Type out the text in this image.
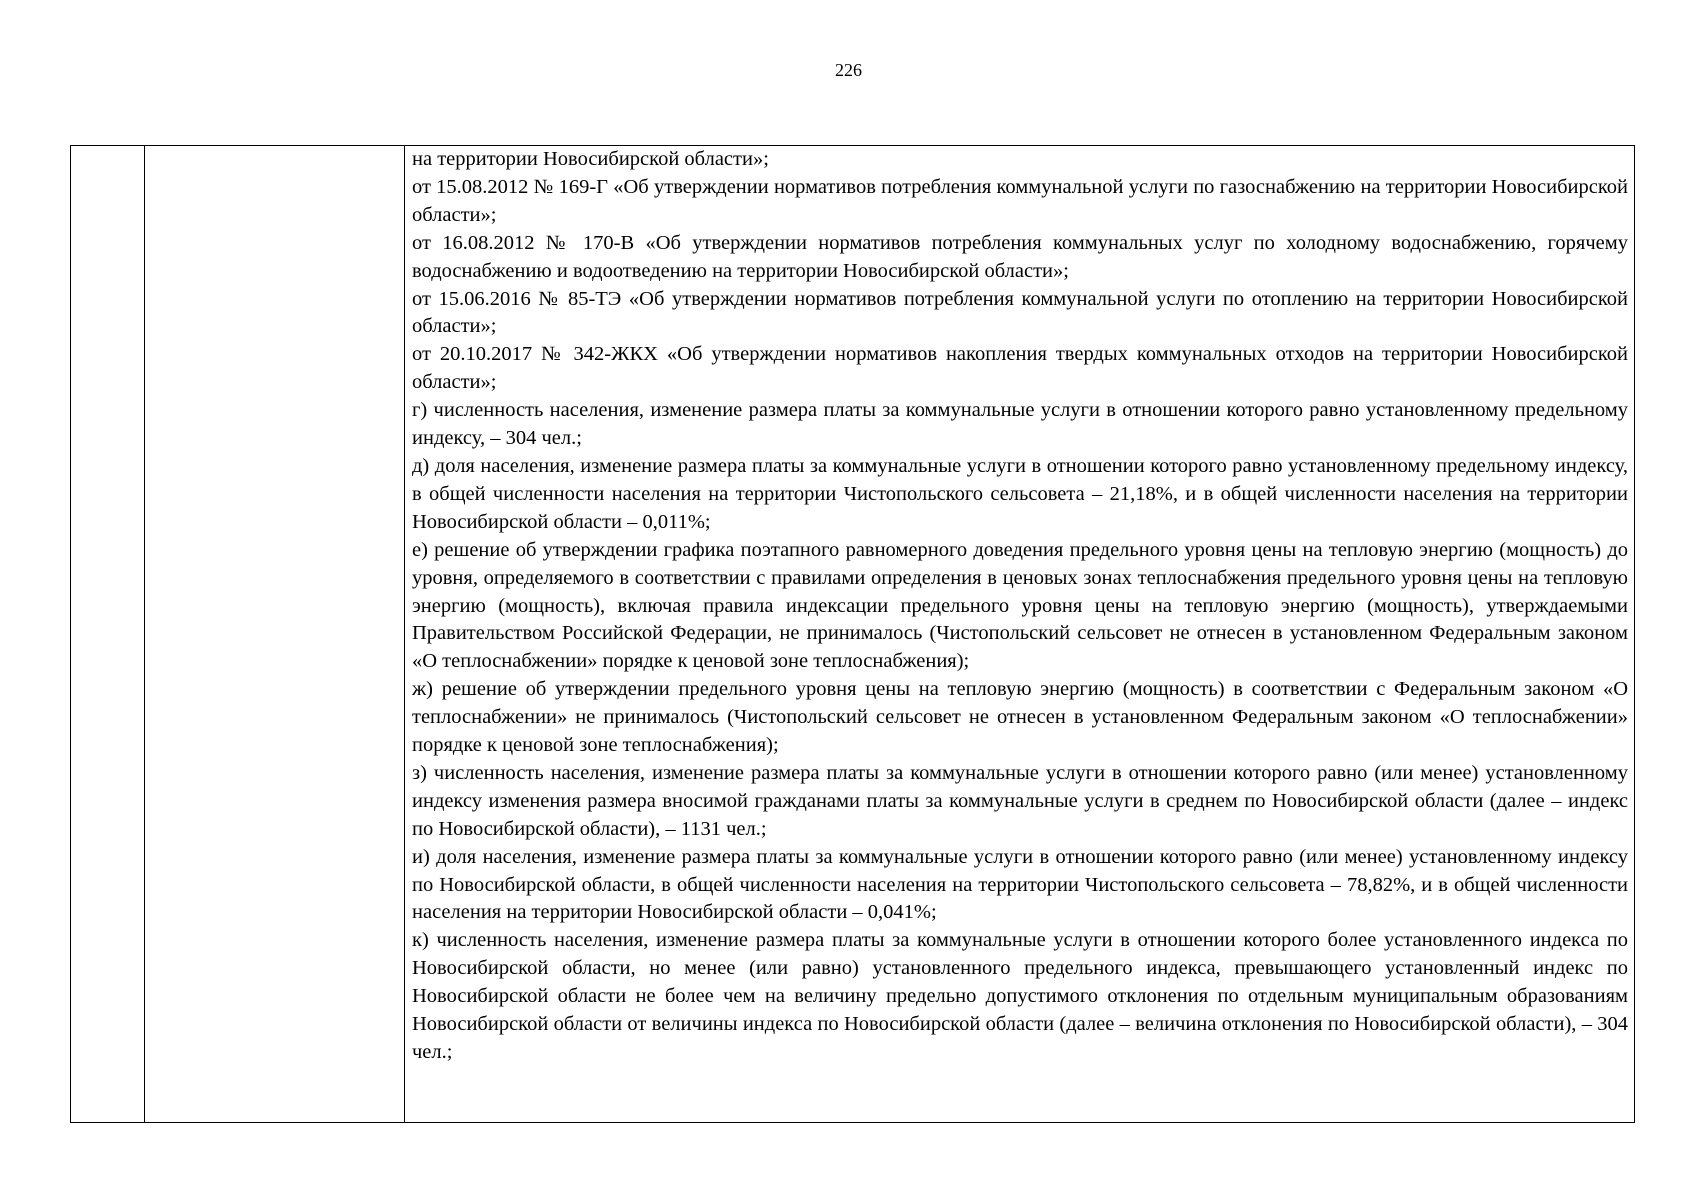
226

на территории Новосибирской области»;

от 15.08.2012 № 169-Г «Об утверждении нормативов потребления коммунальной услуги по газоснабжению на территории Новосибирской области»;

от 16.08.2012 № 170-В «Об утверждении нормативов потребления коммунальных услуг по холодному водоснабжению, горячему водоснабжению и водоотведению на территории Новосибирской области»;

от 15.06.2016 № 85-ТЭ «Об утверждении нормативов потребления коммунальной услуги по отоплению на территории Новосибирской области»;

от 20.10.2017 № 342-ЖКХ «Об утверждении нормативов накопления твердых коммунальных отходов на территории Новосибирской области»;

г) численность населения, изменение размера платы за коммунальные услуги в отношении которого равно установленному предельному индексу, – 304 чел.;

д) доля населения, изменение размера платы за коммунальные услуги в отношении которого равно установленному предельному индексу, в общей численности населения на территории Чистопольского сельсовета – 21,18%, и в общей численности населения на территории Новосибирской области – 0,011%;

е) решение об утверждении графика поэтапного равномерного доведения предельного уровня цены на тепловую энергию (мощность) до уровня, определяемого в соответствии с правилами определения в ценовых зонах теплоснабжения предельного уровня цены на тепловую энергию (мощность), включая правила индексации предельного уровня цены на тепловую энергию (мощность), утверждаемыми Правительством Российской Федерации, не принималось (Чистопольский сельсовет не отнесен в установленном Федеральным законом «О теплоснабжении» порядке к ценовой зоне теплоснабжения);

ж) решение об утверждении предельного уровня цены на тепловую энергию (мощность) в соответствии с Федеральным законом «О теплоснабжении» не принималось (Чистопольский сельсовет не отнесен в установленном Федеральным законом «О теплоснабжении» порядке к ценовой зоне теплоснабжения);

з) численность населения, изменение размера платы за коммунальные услуги в отношении которого равно (или менее) установленному индексу изменения размера вносимой гражданами платы за коммунальные услуги в среднем по Новосибирской области (далее – индекс по Новосибирской области), – 1131 чел.;

и) доля населения, изменение размера платы за коммунальные услуги в отношении которого равно (или менее) установленному индексу по Новосибирской области, в общей численности населения на территории Чистопольского сельсовета – 78,82%, и в общей численности населения на территории Новосибирской области – 0,041%;

к) численность населения, изменение размера платы за коммунальные услуги в отношении которого более установленного индекса по Новосибирской области, но менее (или равно) установленного предельного индекса, превышающего установленный индекс по Новосибирской области не более чем на величину предельно допустимого отклонения по отдельным муниципальным образованиям Новосибирской области от величины индекса по Новосибирской области (далее – величина отклонения по Новосибирской области), – 304 чел.;
